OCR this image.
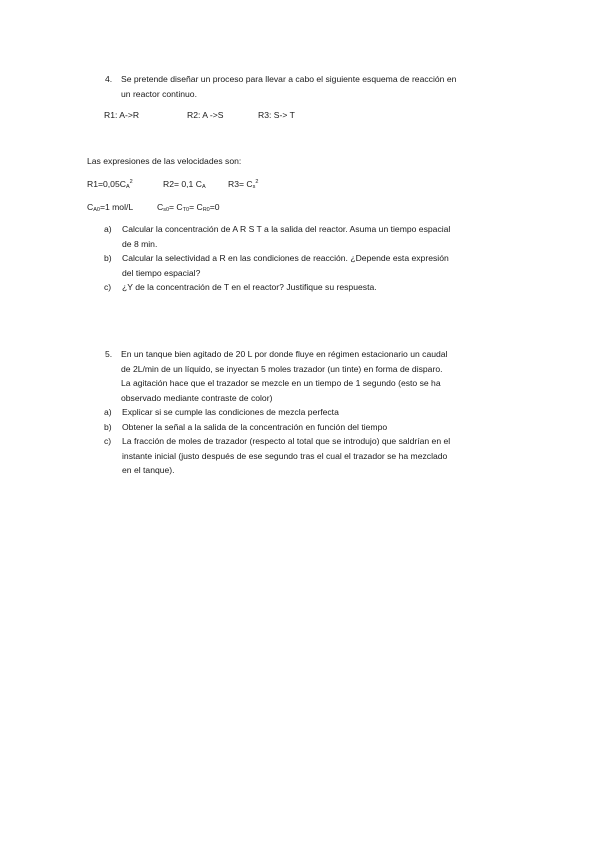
4. Se pretende diseñar un proceso para llevar a cabo el siguiente esquema de reacción en

un reactor continuo.

R1: A->R	R2: A ->S	R3: S-> T
Las expresiones de las velocidades son:
$R1=0,05C_A^2$	R2= 0,1 $C_A$	$R3= C_s^2$
$C_{A0}=1$ mol/L	$C_{s0}= C_{T0}= C_{R0}=0$
a) Calcular la concentración de A R S T a la salida del reactor. Asuma un tiempo espacial
de 8 min.
b) Calcular la selectividad a R en las condiciones de reacción. ¿Depende esta expresión
del tiempo espacial?
c) ¿Y de la concentración de T en el reactor? Justifique su respuesta.
5. En un tanque bien agitado de 20 L por donde fluye en régimen estacionario un caudal

de 2L/min de un líquido, se inyectan 5 moles trazador (un tinte) en forma de disparo.

La agitación hace que el trazador se mezcle en un tiempo de 1 segundo (esto se ha

observado mediante contraste de color)

a) Explicar si se cumple las condiciones de mezcla perfecta
b) Obtener la señal a la salida de la concentración en función del tiempo
c) La fracción de moles de trazador (respecto al total que se introdujo) que saldrían en el
instante inicial (justo después de ese segundo tras el cual el trazador se ha mezclado
en el tanque).
